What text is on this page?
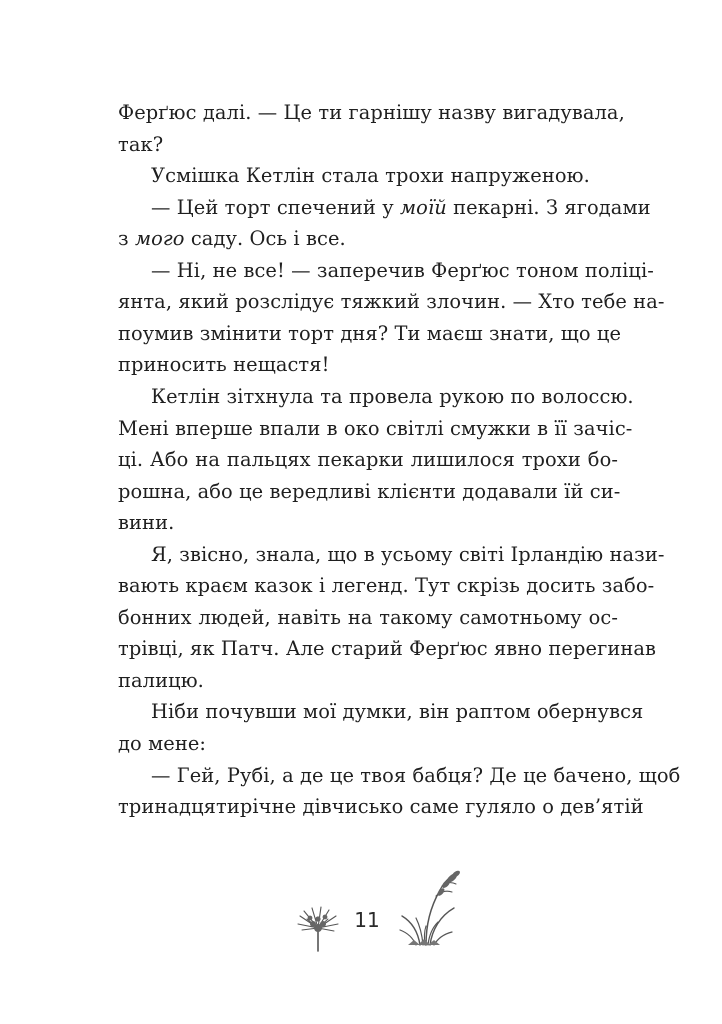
Ферґюс далі. — Це ти гарнішу назву вигадувала,
так?
Усмішка Кетлін стала трохи напруженою.
— Цей торт спечений у моїй пекарні. З ягодами
з мого саду. Ось і все.
— Ні, не все! — заперечив Ферґюс тоном поліці-
янта, який розслідує тяжкий злочин. — Хто тебе на-
поумив змінити торт дня? Ти маєш знати, що це
приносить нещастя!
Кетлін зітхнула та провела рукою по волоссю.
Мені вперше впали в око світлі смужки в її зачіс-
ці. Або на пальцях пекарки лишилося трохи бо-
рошна, або це вередливі клієнти додавали їй си-
вини.
Я, звісно, знала, що в усьому світі Ірландію нази-
вають краєм казок і легенд. Тут скрізь досить забо-
бонних людей, навіть на такому самотньому ос-
трівці, як Патч. Але старий Ферґюс явно перегинав
палицю.
Ніби почувши мої думки, він раптом обернувся
до мене:
— Гей, Рубі, а де це твоя бабця? Де це бачено, щоб
тринадцятирічне дівчисько саме гуляло о дев’ятій
11
